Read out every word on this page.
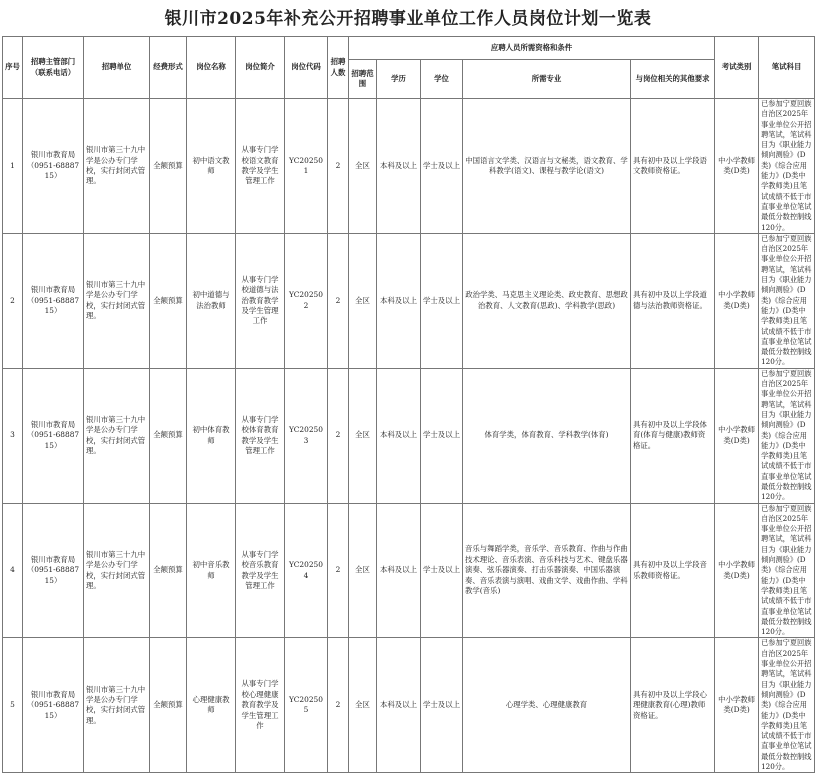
银川市2025年补充公开招聘事业单位工作人员岗位计划一览表
序号	招聘主管部门（联系电话）	招聘单位	经费形式	岗位名称	岗位简介	岗位代码	招聘人数	应聘人员所需资格和条件					考试类别	笔试科目
								招聘范围	学历	学位	所需专业	与岗位相关的其他要求		
1	银川市教育局（0951-6888715）	银川市第三十九中学是公办专门学校，实行封闭式管理。	全额预算	初中语文教师	从事专门学校语文教育教学及学生管理工作	YC202501	2	全区	本科及以上	学士及以上	中国语言文学类、汉语言与文秘类，语文教育、学科教学(语文)、课程与教学论(语文)	具有初中及以上学段语文教师资格证。	中小学教师类(D类)	已参加宁夏回族自治区2025年事业单位公开招聘笔试，笔试科目为《职业能力倾向测验》(D类)《综合应用能力》(D类中学教师类)且笔试成绩不低于市直事业单位笔试最低分数控制线120分。
2	银川市教育局（0951-6888715）	银川市第三十九中学是公办专门学校，实行封闭式管理。	全额预算	初中道德与法治教师	从事专门学校道德与法治教育教学及学生管理工作	YC202502	2	全区	本科及以上	学士及以上	政治学类、马克思主义理论类、政史教育、思想政治教育、人文教育(思政)、学科教学(思政)	具有初中及以上学段道德与法治教师资格证。	中小学教师类(D类)	已参加宁夏回族自治区2025年事业单位公开招聘笔试，笔试科目为《职业能力倾向测验》(D类)《综合应用能力》(D类中学教师类)且笔试成绩不低于市直事业单位笔试最低分数控制线120分。
3	银川市教育局（0951-6888715）	银川市第三十九中学是公办专门学校，实行封闭式管理。	全额预算	初中体育教师	从事专门学校体育教育教学及学生管理工作	YC202503	2	全区	本科及以上	学士及以上	体育学类，体育教育、学科教学(体育)	具有初中及以上学段体育(体育与健康)教师资格证。	中小学教师类(D类)	已参加宁夏回族自治区2025年事业单位公开招聘笔试，笔试科目为《职业能力倾向测验》(D类)《综合应用能力》(D类中学教师类)且笔试成绩不低于市直事业单位笔试最低分数控制线120分。
4	银川市教育局（0951-6888715）	银川市第三十九中学是公办专门学校，实行封闭式管理。	全额预算	初中音乐教师	从事专门学校音乐教育教学及学生管理工作	YC202504	2	全区	本科及以上	学士及以上	音乐与舞蹈学类，音乐学、音乐教育、作曲与作曲技术理论、音乐表演、音乐科技与艺术、键盘乐器演奏、弦乐器演奏、打击乐器演奏、中国乐器演奏、音乐表演与演唱、戏曲文学、戏曲作曲、学科教学(音乐)	具有初中及以上学段音乐教师资格证。	中小学教师类(D类)	已参加宁夏回族自治区2025年事业单位公开招聘笔试，笔试科目为《职业能力倾向测验》(D类)《综合应用能力》(D类中学教师类)且笔试成绩不低于市直事业单位笔试最低分数控制线120分。
5	银川市教育局（0951-6888715）	银川市第三十九中学是公办专门学校，实行封闭式管理。	全额预算	心理健康教师	从事专门学校心理健康教育教学及学生管理工作	YC202505	2	全区	本科及以上	学士及以上	心理学类、心理健康教育	具有初中及以上学段心理健康教育(心理)教师资格证。	中小学教师类(D类)	已参加宁夏回族自治区2025年事业单位公开招聘笔试，笔试科目为《职业能力倾向测验》(D类)《综合应用能力》(D类中学教师类)且笔试成绩不低于市直事业单位笔试最低分数控制线120分。
